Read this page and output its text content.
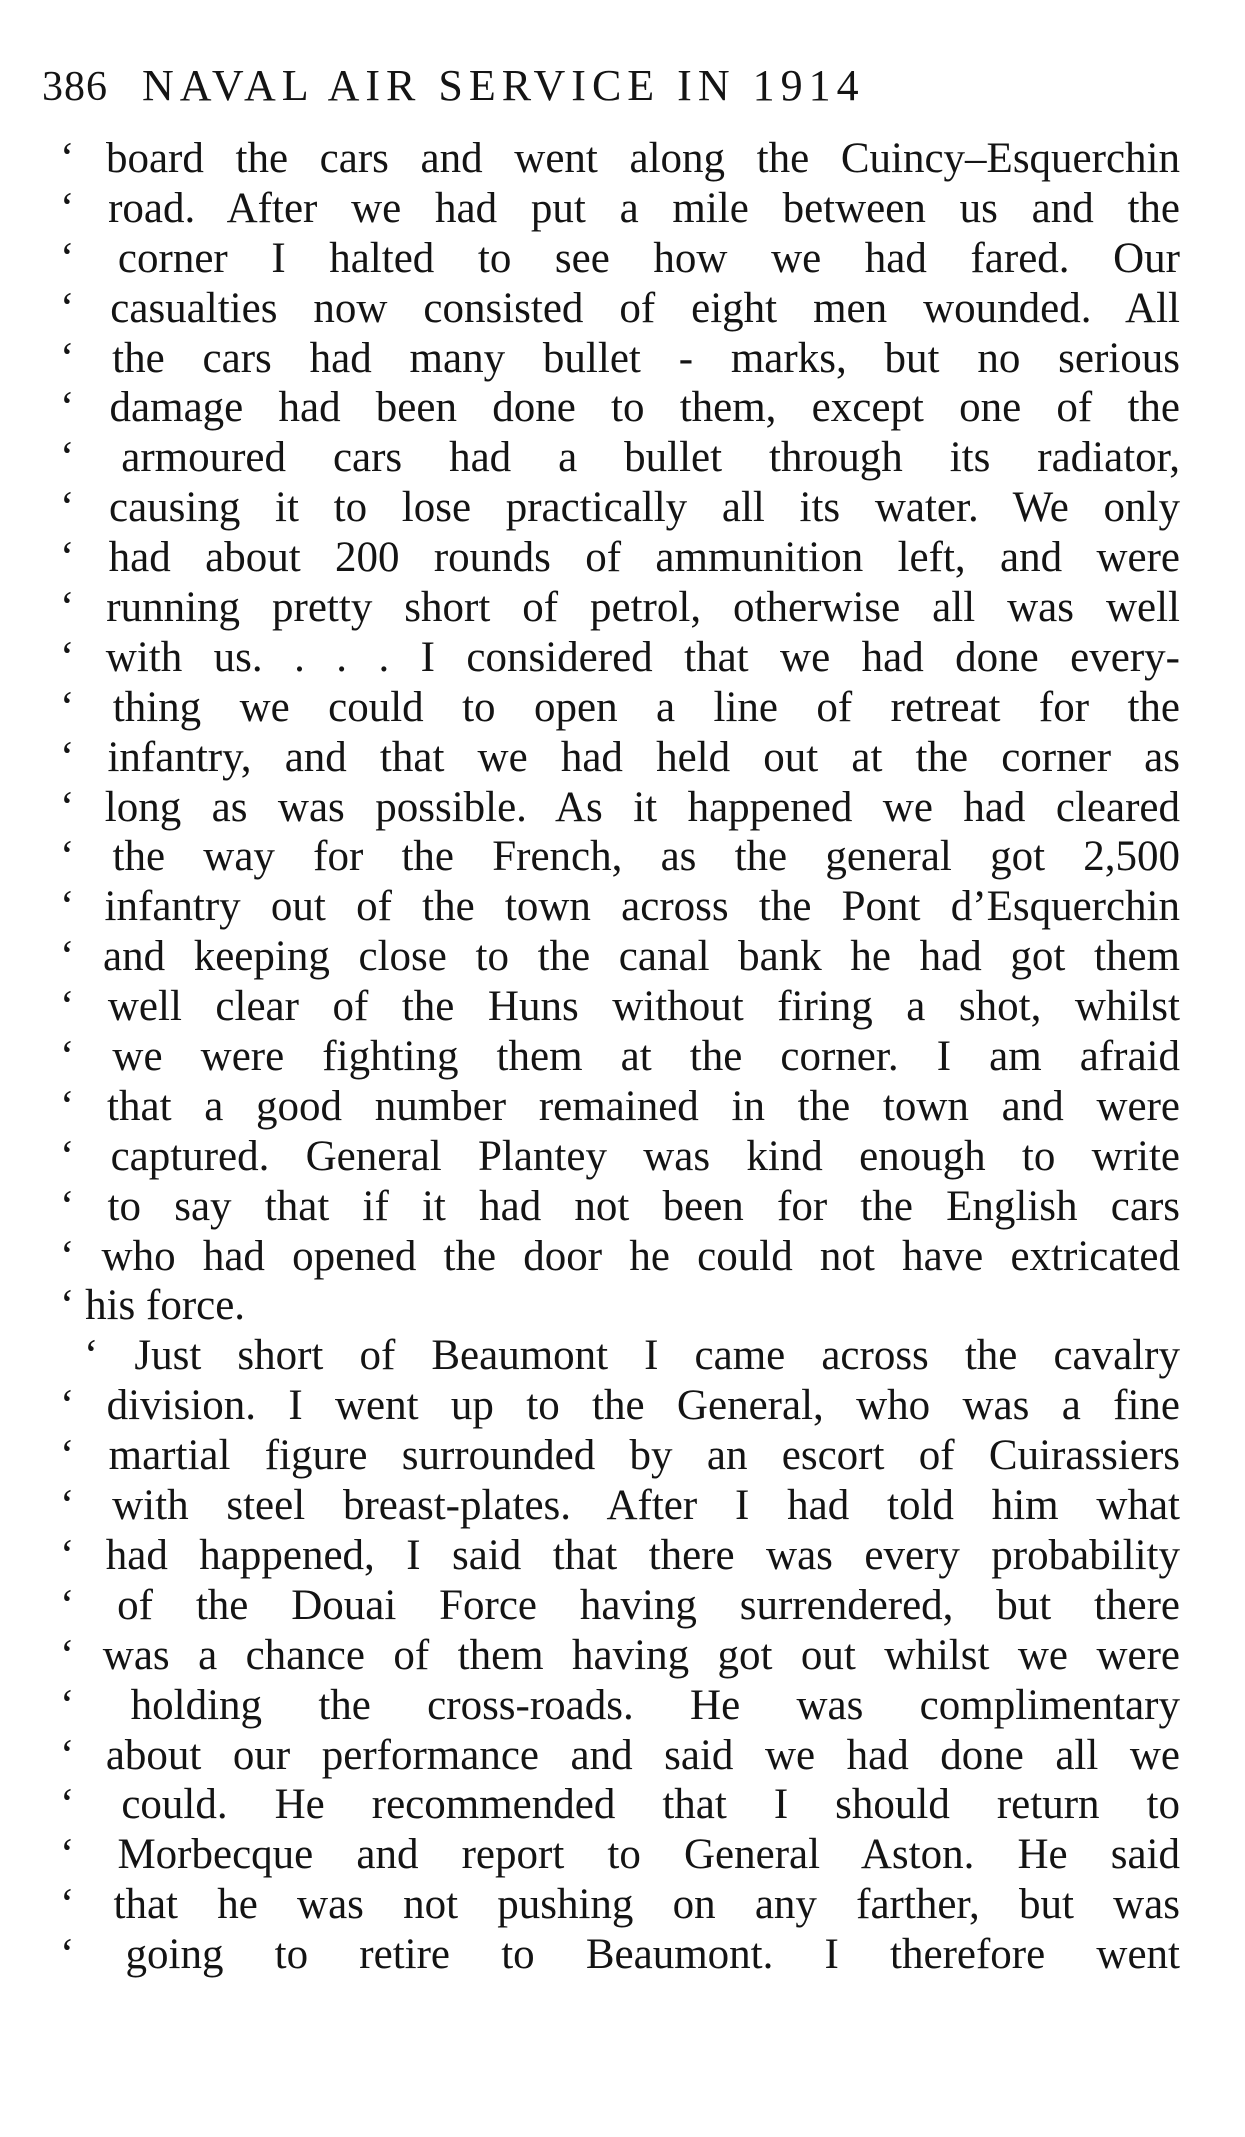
386 NAVAL AIR SERVICE IN 1914
‘ board the cars and went along the Cuincy–Esquerchin
‘ road. After we had put a mile between us and the
‘ corner I halted to see how we had fared. Our
‘ casualties now consisted of eight men wounded. All
‘ the cars had many bullet - marks, but no serious
‘ damage had been done to them, except one of the
‘ armoured cars had a bullet through its radiator,
‘ causing it to lose practically all its water. We only
‘ had about 200 rounds of ammunition left, and were
‘ running pretty short of petrol, otherwise all was well
‘ with us. . . . I considered that we had done every-
‘ thing we could to open a line of retreat for the
‘ infantry, and that we had held out at the corner as
‘ long as was possible. As it happened we had cleared
‘ the way for the French, as the general got 2,500
‘ infantry out of the town across the Pont d’Esquerchin
‘ and keeping close to the canal bank he had got them
‘ well clear of the Huns without firing a shot, whilst
‘ we were fighting them at the corner. I am afraid
‘ that a good number remained in the town and were
‘ captured. General Plantey was kind enough to write
‘ to say that if it had not been for the English cars
‘ who had opened the door he could not have extricated
‘ his force.
‘ Just short of Beaumont I came across the cavalry
‘ division. I went up to the General, who was a fine
‘ martial figure surrounded by an escort of Cuirassiers
‘ with steel breast-plates. After I had told him what
‘ had happened, I said that there was every probability
‘ of the Douai Force having surrendered, but there
‘ was a chance of them having got out whilst we were
‘ holding the cross-roads. He was complimentary
‘ about our performance and said we had done all we
‘ could. He recommended that I should return to
‘ Morbecque and report to General Aston. He said
‘ that he was not pushing on any farther, but was
‘ going to retire to Beaumont. I therefore went
